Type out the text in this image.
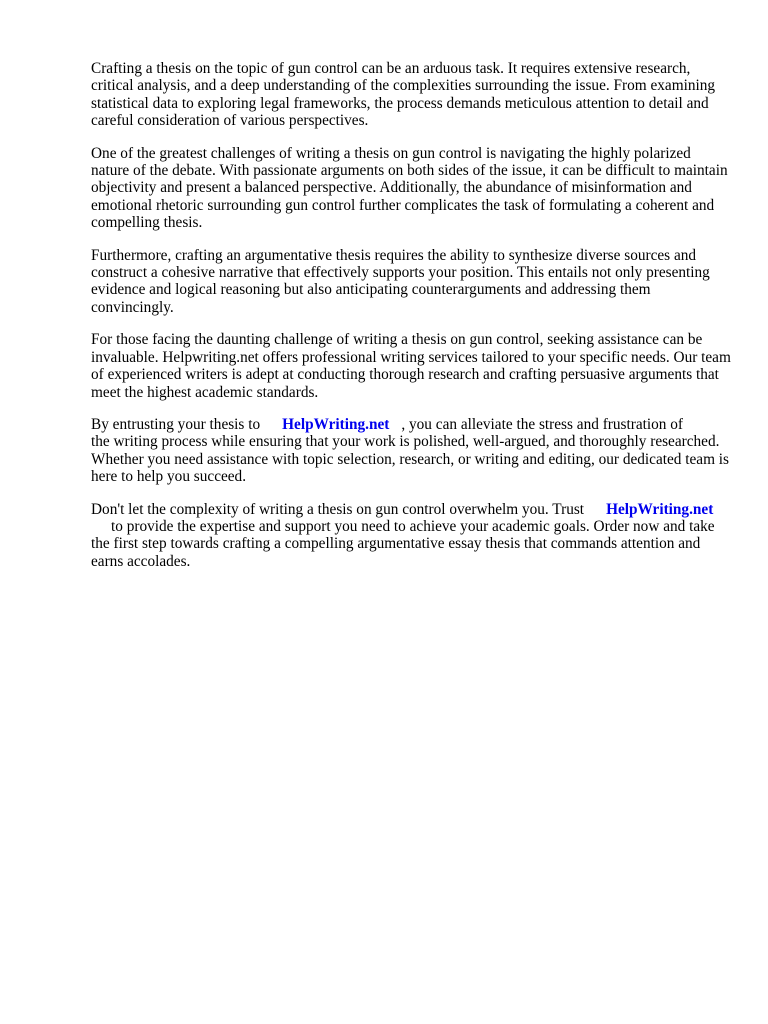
Crafting a thesis on the topic of gun control can be an arduous task. It requires extensive research, critical analysis, and a deep understanding of the complexities surrounding the issue. From examining statistical data to exploring legal frameworks, the process demands meticulous attention to detail and careful consideration of various perspectives.

One of the greatest challenges of writing a thesis on gun control is navigating the highly polarized nature of the debate. With passionate arguments on both sides of the issue, it can be difficult to maintain objectivity and present a balanced perspective. Additionally, the abundance of misinformation and emotional rhetoric surrounding gun control further complicates the task of formulating a coherent and compelling thesis.

Furthermore, crafting an argumentative thesis requires the ability to synthesize diverse sources and construct a cohesive narrative that effectively supports your position. This entails not only presenting evidence and logical reasoning but also anticipating counterarguments and addressing them convincingly.

For those facing the daunting challenge of writing a thesis on gun control, seeking assistance can be invaluable. Helpwriting.net offers professional writing services tailored to your specific needs. Our team of experienced writers is adept at conducting thorough research and crafting persuasive arguments that meet the highest academic standards.

By entrusting your thesis to HelpWriting.net , you can alleviate the stress and frustration of
the writing process while ensuring that your work is polished, well-argued, and thoroughly researched. Whether you need assistance with topic selection, research, or writing and editing, our dedicated team is here to help you succeed.

Don't let the complexity of writing a thesis on gun control overwhelm you. Trust HelpWriting.net
to provide the expertise and support you need to achieve your academic goals. Order now and take the first step towards crafting a compelling argumentative essay thesis that commands attention and earns accolades.
